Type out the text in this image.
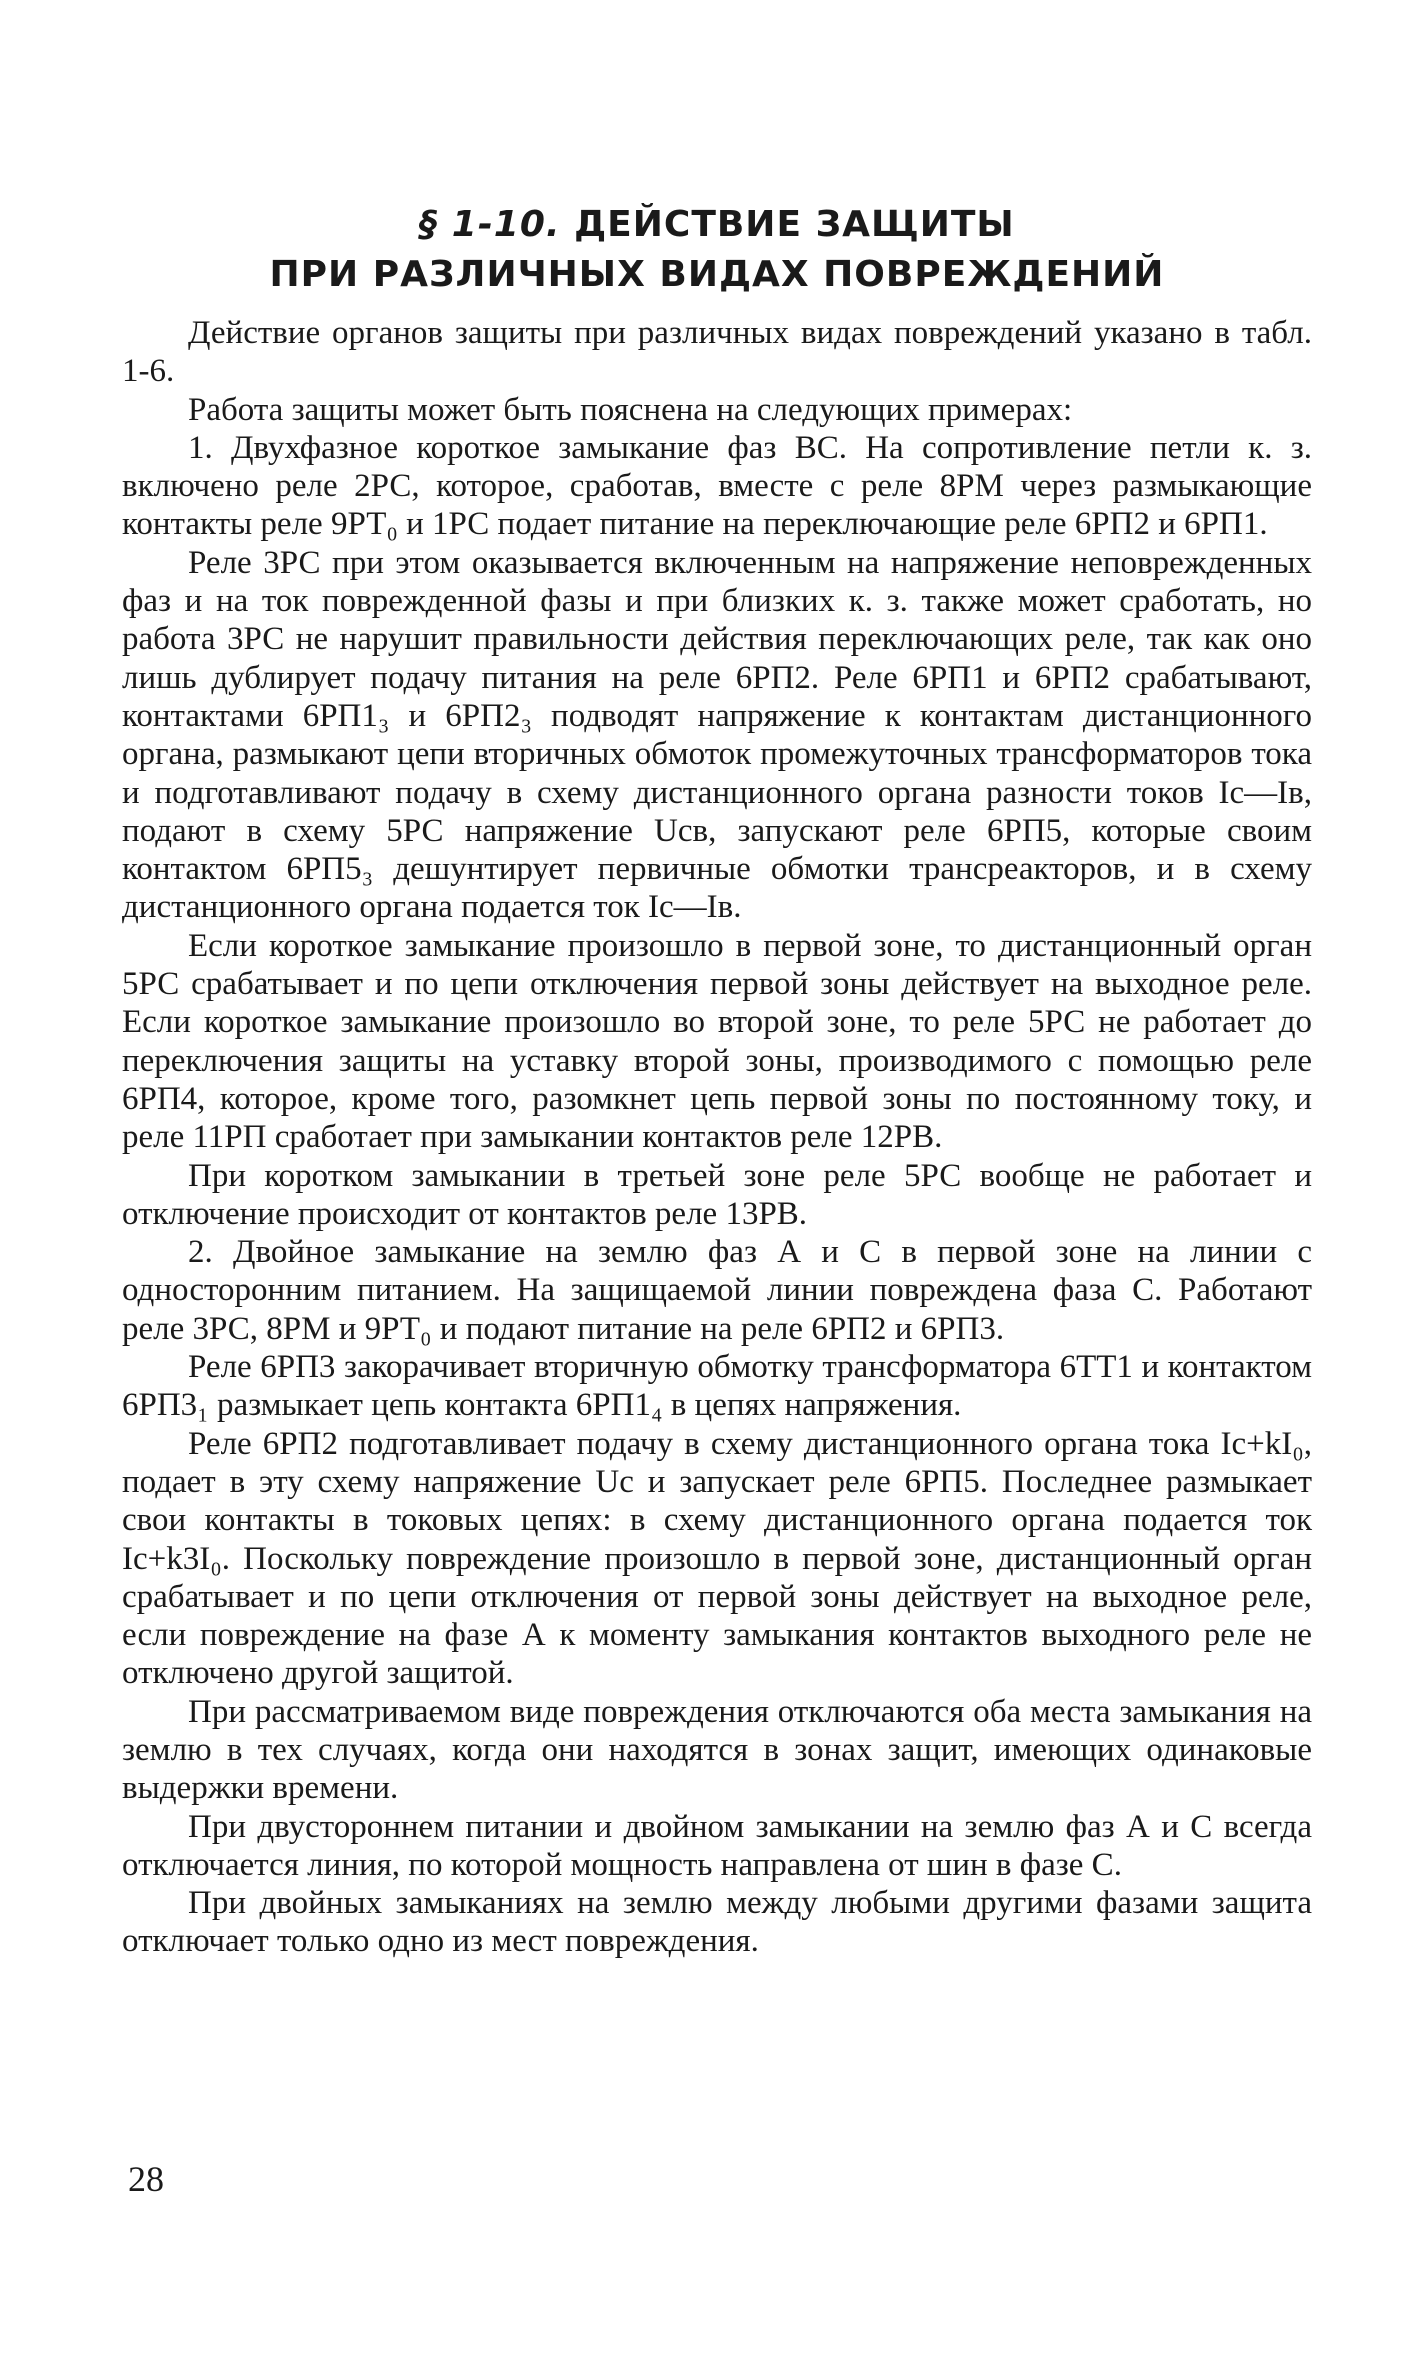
§ 1-10. ДЕЙСТВИЕ ЗАЩИТЫ
ПРИ РАЗЛИЧНЫХ ВИДАХ ПОВРЕЖДЕНИЙ

Действие органов защиты при различных видах повреждений указано в табл. 1-6.

Работа защиты может быть пояснена на следующих примерах:

1. Двухфазное короткое замыкание фаз ВС. На сопротивление петли к. з. включено реле 2РС, которое, сработав, вместе с реле 8РМ через размыкающие контакты реле 9РТ₀ и 1РС подает питание на переключающие реле 6РП2 и 6РП1.

Реле 3РС при этом оказывается включенным на напряжение неповрежденных фаз и на ток поврежденной фазы и при близких к. з. также может сработать, но работа 3РС не нарушит правильности действия переключающих реле, так как оно лишь дублирует подачу питания на реле 6РП2. Реле 6РП1 и 6РП2 срабатывают, контактами 6РП1₃ и 6РП2₃ подводят напряжение к контактам дистанционного органа, размыкают цепи вторичных обмоток промежуточных трансформаторов тока и подготавливают подачу в схему дистанционного органа разности токов Iс—Iв, подают в схему 5РС напряжение Uсв, запускают реле 6РП5, которые своим контактом 6РП5₃ дешунтирует первичные обмотки трансреакторов, и в схему дистанционного органа подается ток Iс—Iв.

Если короткое замыкание произошло в первой зоне, то дистанционный орган 5РС срабатывает и по цепи отключения первой зоны действует на выходное реле. Если короткое замыкание произошло во второй зоне, то реле 5РС не работает до переключения защиты на уставку второй зоны, производимого с помощью реле 6РП4, которое, кроме того, разомкнет цепь первой зоны по постоянному току, и реле 11РП сработает при замыкании контактов реле 12РВ.

При коротком замыкании в третьей зоне реле 5РС вообще не работает и отключение происходит от контактов реле 13РВ.

2. Двойное замыкание на землю фаз А и С в первой зоне на линии с односторонним питанием. На защищаемой линии повреждена фаза С. Работают реле 3РС, 8РМ и 9РТ₀ и подают питание на реле 6РП2 и 6РП3.

Реле 6РП3 закорачивает вторичную обмотку трансформатора 6ТТ1 и контактом 6РП3₁ размыкает цепь контакта 6РП1₄ в цепях напряжения.

Реле 6РП2 подготавливает подачу в схему дистанционного органа тока Iс+kI₀, подает в эту схему напряжение Uс и запускает реле 6РП5. Последнее размыкает свои контакты в токовых цепях: в схему дистанционного органа подается ток Iс+k3I₀. Поскольку повреждение произошло в первой зоне, дистанционный орган срабатывает и по цепи отключения от первой зоны действует на выходное реле, если повреждение на фазе А к моменту замыкания контактов выходного реле не отключено другой защитой.

При рассматриваемом виде повреждения отключаются оба места замыкания на землю в тех случаях, когда они находятся в зонах защит, имеющих одинаковые выдержки времени.

При двустороннем питании и двойном замыкании на землю фаз А и С всегда отключается линия, по которой мощность направлена от шин в фазе С.

При двойных замыканиях на землю между любыми другими фазами защита отключает только одно из мест повреждения.

28
